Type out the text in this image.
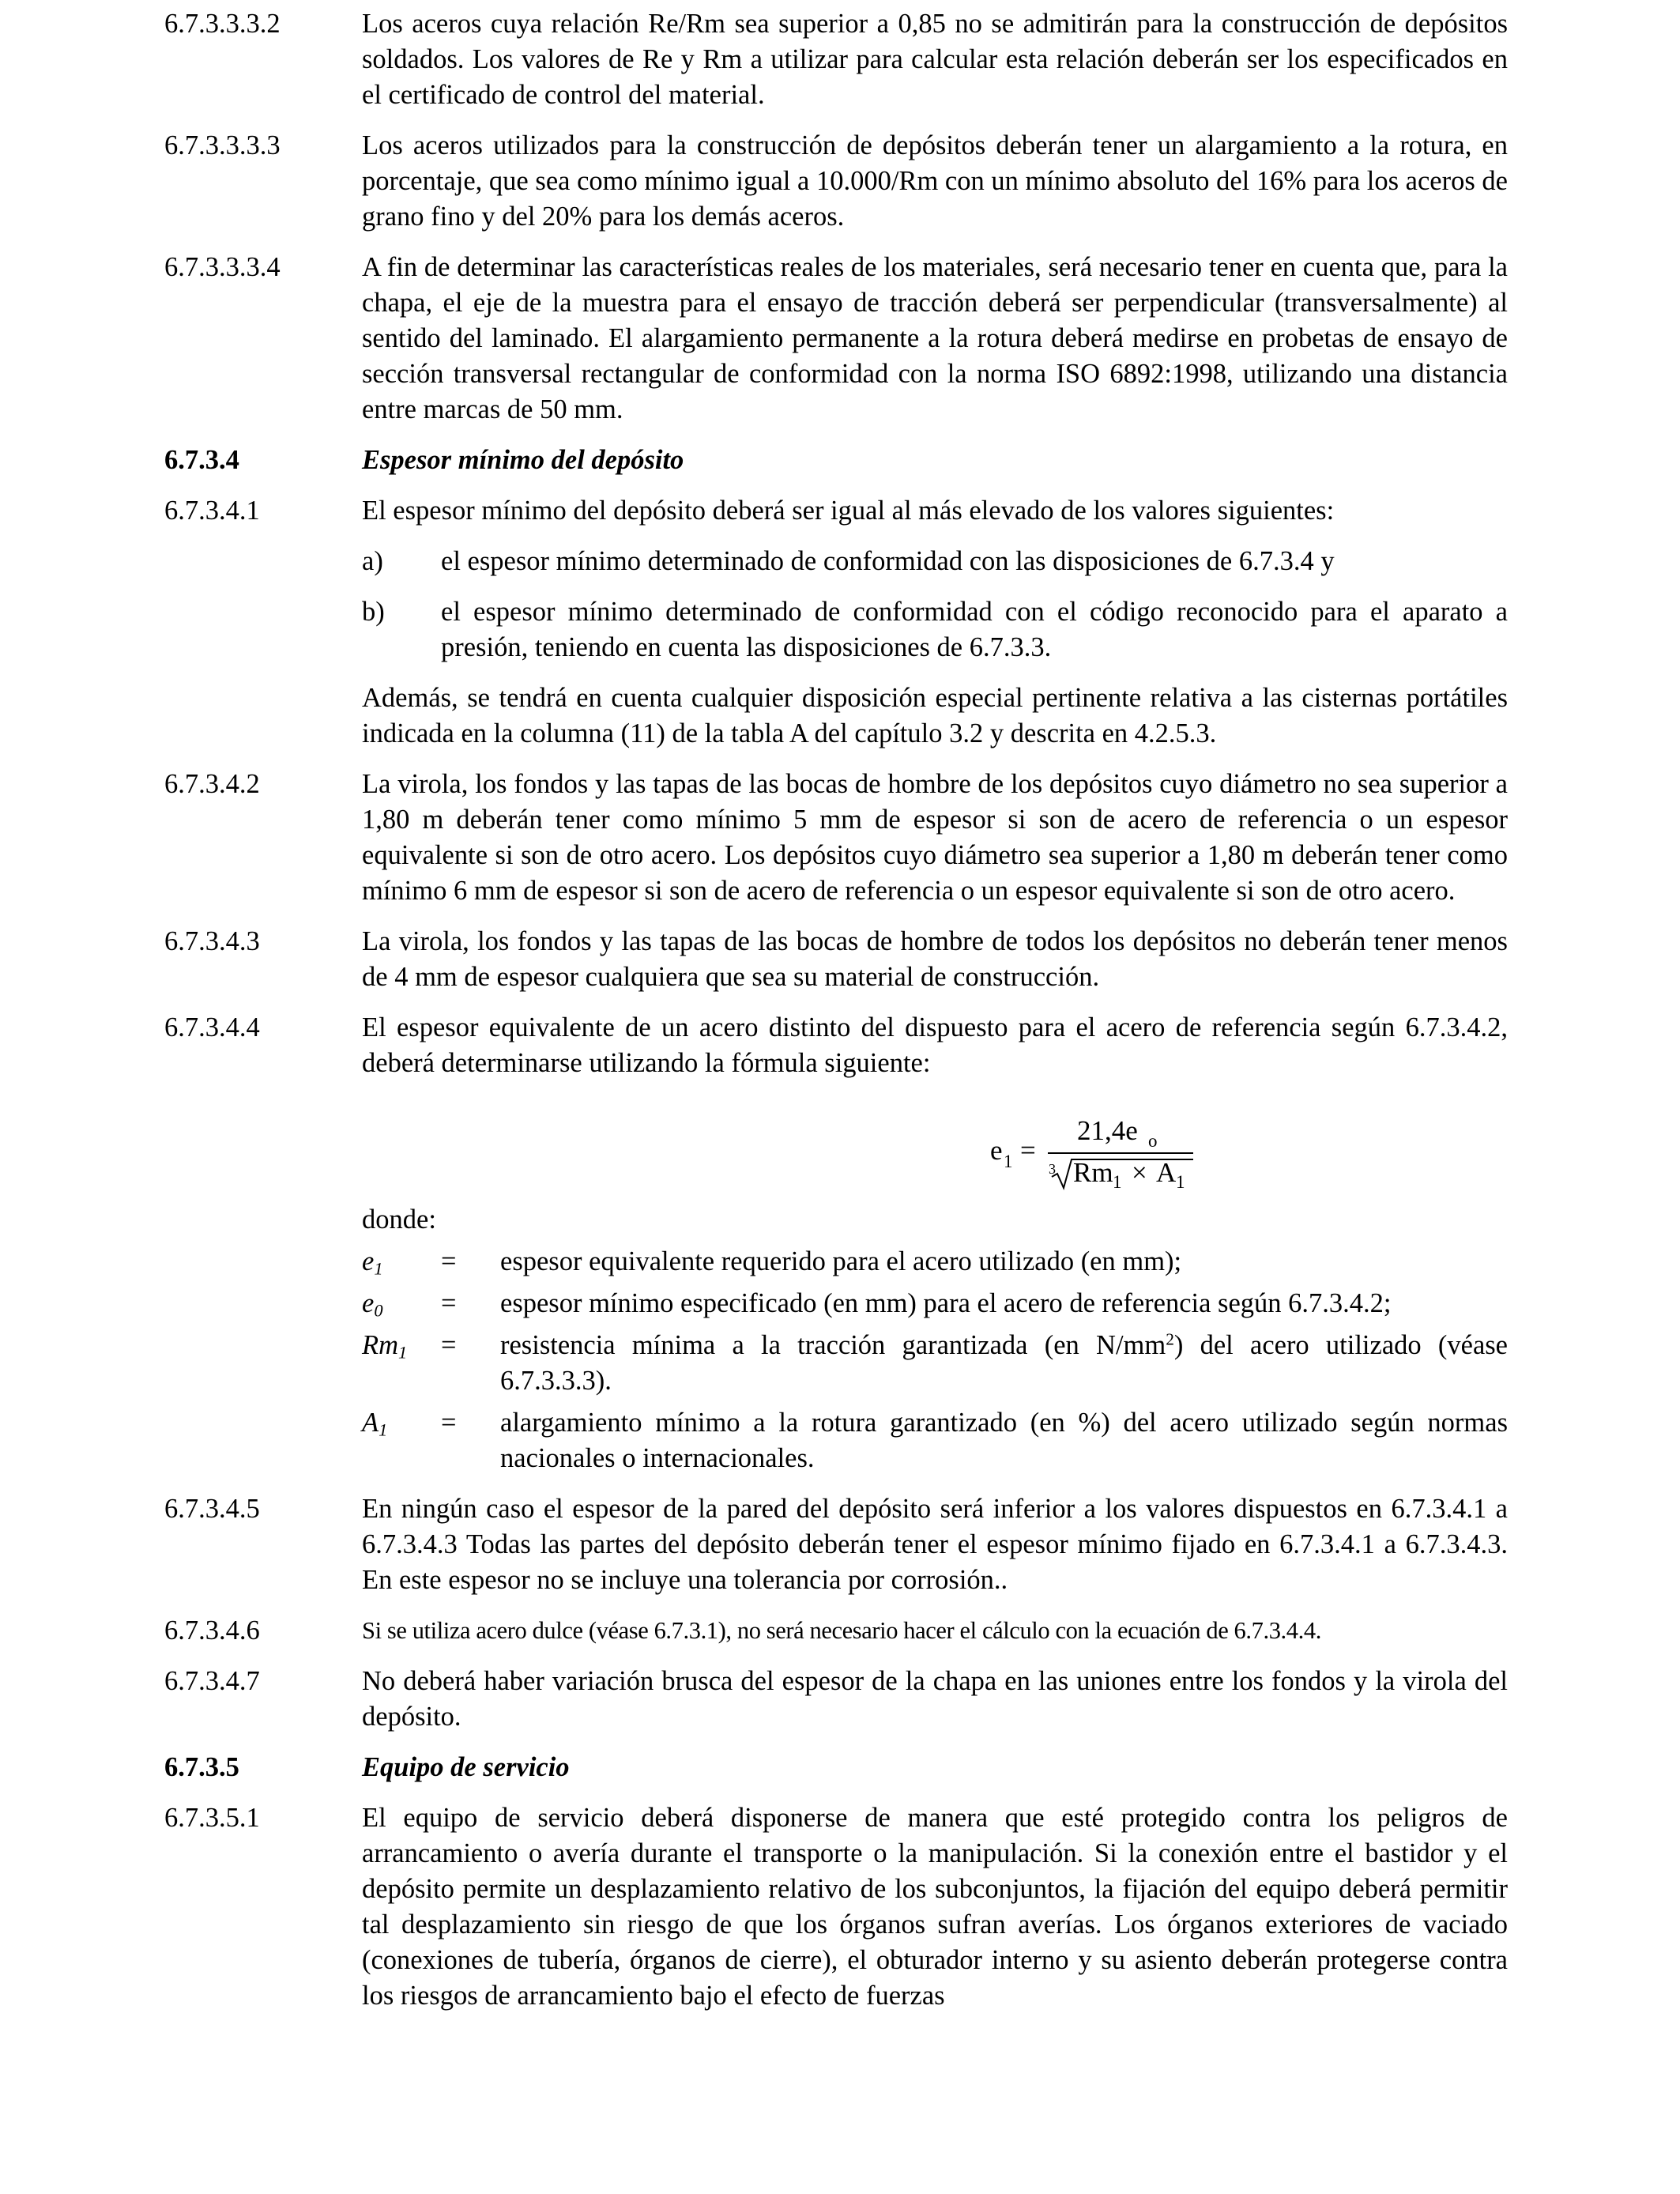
6.7.3.3.3.2	Los aceros cuya relación Re/Rm sea superior a 0,85 no se admitirán para la construcción de depósitos soldados. Los valores de Re y Rm a utilizar para calcular esta relación deberán ser los especificados en el certificado de control del material.
6.7.3.3.3.3	Los aceros utilizados para la construcción de depósitos deberán tener un alargamiento a la rotura, en porcentaje, que sea como mínimo igual a 10.000/Rm con un mínimo absoluto del 16% para los aceros de grano fino y del 20% para los demás aceros.
6.7.3.3.3.4	A fin de determinar las características reales de los materiales, será necesario tener en cuenta que, para la chapa, el eje de la muestra para el ensayo de tracción deberá ser perpendicular (transversalmente) al sentido del laminado. El alargamiento permanente a la rotura deberá medirse en probetas de ensayo de sección transversal rectangular de conformidad con la norma ISO 6892:1998, utilizando una distancia entre marcas de 50 mm.
6.7.3.4	Espesor mínimo del depósito
6.7.3.4.1	El espesor mínimo del depósito deberá ser igual al más elevado de los valores siguientes:
a)	el espesor mínimo determinado de conformidad con las disposiciones de 6.7.3.4 y
b)	el espesor mínimo determinado de conformidad con el código reconocido para el aparato a presión, teniendo en cuenta las disposiciones de 6.7.3.3.
Además, se tendrá en cuenta cualquier disposición especial pertinente relativa a las cisternas portátiles indicada en la columna (11) de la tabla A del capítulo 3.2 y descrita en 4.2.5.3.
6.7.3.4.2	La virola, los fondos y las tapas de las bocas de hombre de los depósitos cuyo diámetro no sea superior a 1,80 m deberán tener como mínimo 5 mm de espesor si son de acero de referencia o un espesor equivalente si son de otro acero. Los depósitos cuyo diámetro sea superior a 1,80 m deberán tener como mínimo 6 mm de espesor si son de acero de referencia o un espesor equivalente si son de otro acero.
6.7.3.4.3	La virola, los fondos y las tapas de las bocas de hombre de todos los depósitos no deberán tener menos de 4 mm de espesor cualquiera que sea su material de construcción.
6.7.3.4.4	El espesor equivalente de un acero distinto del dispuesto para el acero de referencia según 6.7.3.4.2, deberá determinarse utilizando la fórmula siguiente:
e 1 =
21,4e o
3 Rm 1 × A 1
donde:
$e_1$	=	espesor equivalente requerido para el acero utilizado (en mm);
$e_0$	=	espesor mínimo especificado (en mm) para el acero de referencia según 6.7.3.4.2;
$Rm_1$	=	resistencia mínima a la tracción garantizada (en $N/mm^2$) del acero utilizado (véase 6.7.3.3.3).
$A_1$	=	alargamiento mínimo a la rotura garantizado (en %) del acero utilizado según normas nacionales o internacionales.
6.7.3.4.5	En ningún caso el espesor de la pared del depósito será inferior a los valores dispuestos en 6.7.3.4.1 a 6.7.3.4.3 Todas las partes del depósito deberán tener el espesor mínimo fijado en 6.7.3.4.1 a 6.7.3.4.3. En este espesor no se incluye una tolerancia por corrosión..
6.7.3.4.6	Si se utiliza acero dulce (véase 6.7.3.1), no será necesario hacer el cálculo con la ecuación de 6.7.3.4.4.
6.7.3.4.7	No deberá haber variación brusca del espesor de la chapa en las uniones entre los fondos y la virola del depósito.
6.7.3.5	Equipo de servicio
6.7.3.5.1	El equipo de servicio deberá disponerse de manera que esté protegido contra los peligros de arrancamiento o avería durante el transporte o la manipulación. Si la conexión entre el bastidor y el depósito permite un desplazamiento relativo de los subconjuntos, la fijación del equipo deberá permitir tal desplazamiento sin riesgo de que los órganos sufran averías. Los órganos exteriores de vaciado (conexiones de tubería, órganos de cierre), el obturador interno y su asiento deberán protegerse contra los riesgos de arrancamiento bajo el efecto de fuerzas
